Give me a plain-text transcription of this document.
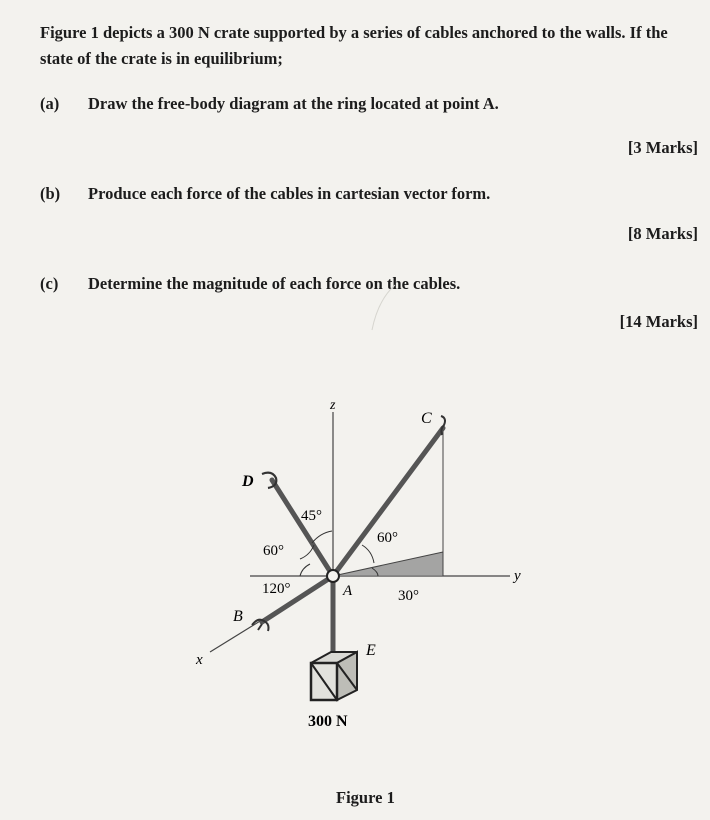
Figure 1 depicts a 300 N crate supported by a series of cables anchored to the walls. If the state of the crate is in equilibrium;
(a) Draw the free-body diagram at the ring located at point A.
[3 Marks]
(b) Produce each force of the cables in cartesian vector form.
[8 Marks]
(c) Determine the magnitude of each force on the cables.
[14 Marks]
z
C
D
45°
60°
60°
y
120°	A	30°
B
E
x
300 N
Figure 1
